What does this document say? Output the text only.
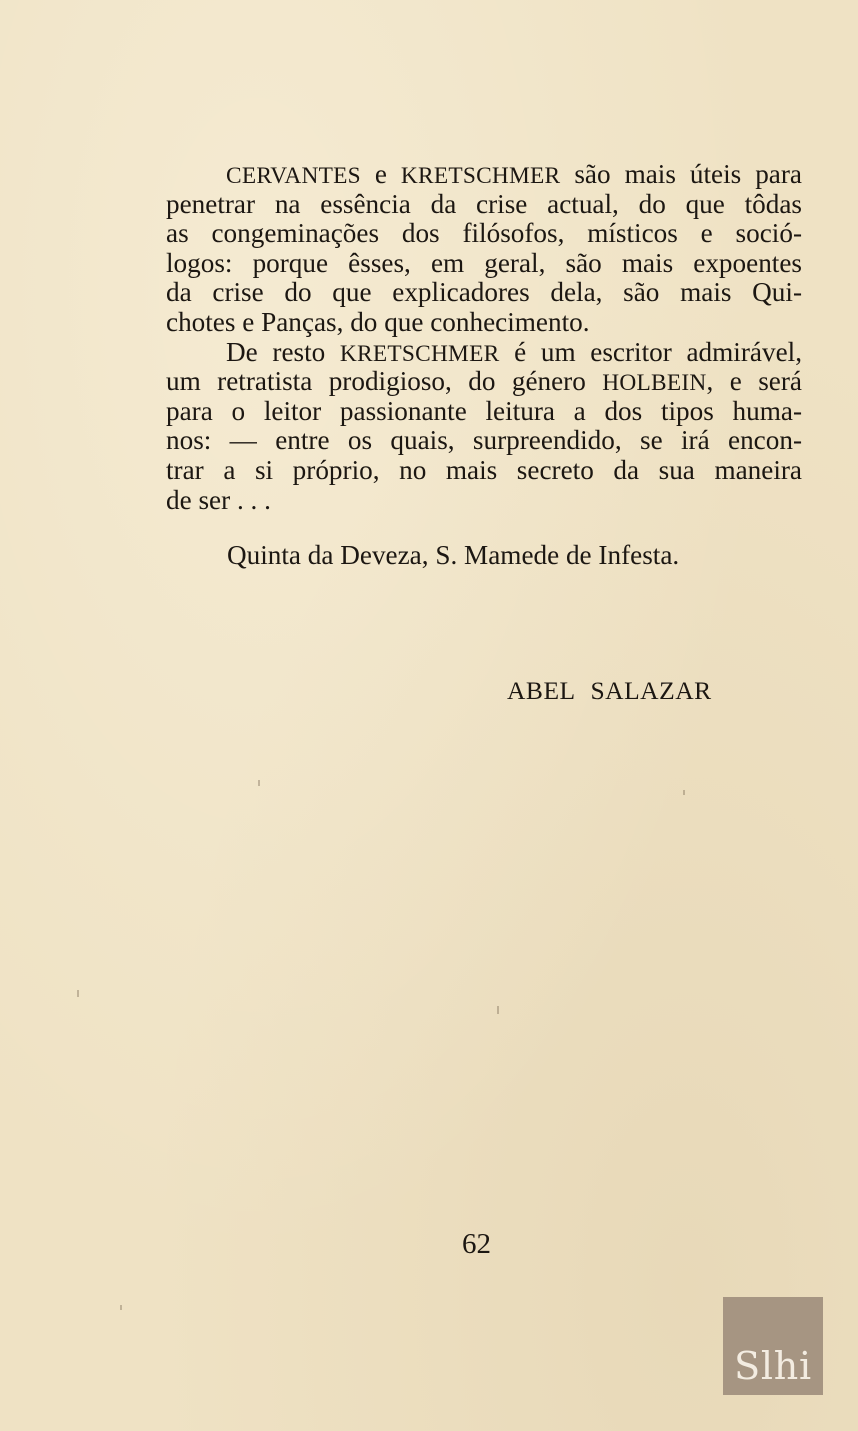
CERVANTES e KRETSCHMER são mais úteis para
penetrar na essência da crise actual, do que tôdas
as congeminações dos filósofos, místicos e soció-
logos: porque êsses, em geral, são mais expoentes
da crise do que explicadores dela, são mais Qui-
chotes e Panças, do que conhecimento.
De resto KRETSCHMER é um escritor admirável,
um retratista prodigioso, do género HOLBEIN, e será
para o leitor passionante leitura a dos tipos huma-
nos: — entre os quais, surpreendido, se irá encon-
trar a si próprio, no mais secreto da sua maneira
de ser . . .
Quinta da Deveza, S. Mamede de Infesta.
ABEL SALAZAR
62
Slhi
